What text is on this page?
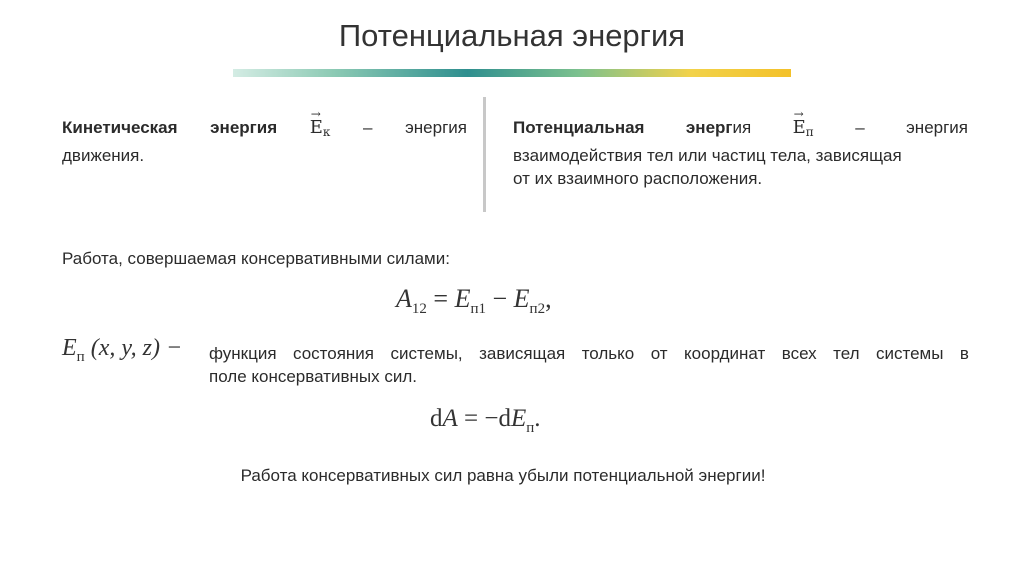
Потенциальная энергия
Кинетическая энергия
→
$E_к$ – энергия
движения.
Потенциальная энергия
→
$E_п$ – энергия
взаимодействия тел или частиц тела, зависящая
от их взаимного расположения.
Работа, совершаемая консервативными силами:
$A_{12} = E_{п1} - E_{п2}$,
$E_п$ (x, y, z) − функция состояния системы, зависящая только от координат всех тел системы в
поле консервативных сил.
dA = $-dE_п$.
Работа консервативных сил равна убыли потенциальной энергии!
